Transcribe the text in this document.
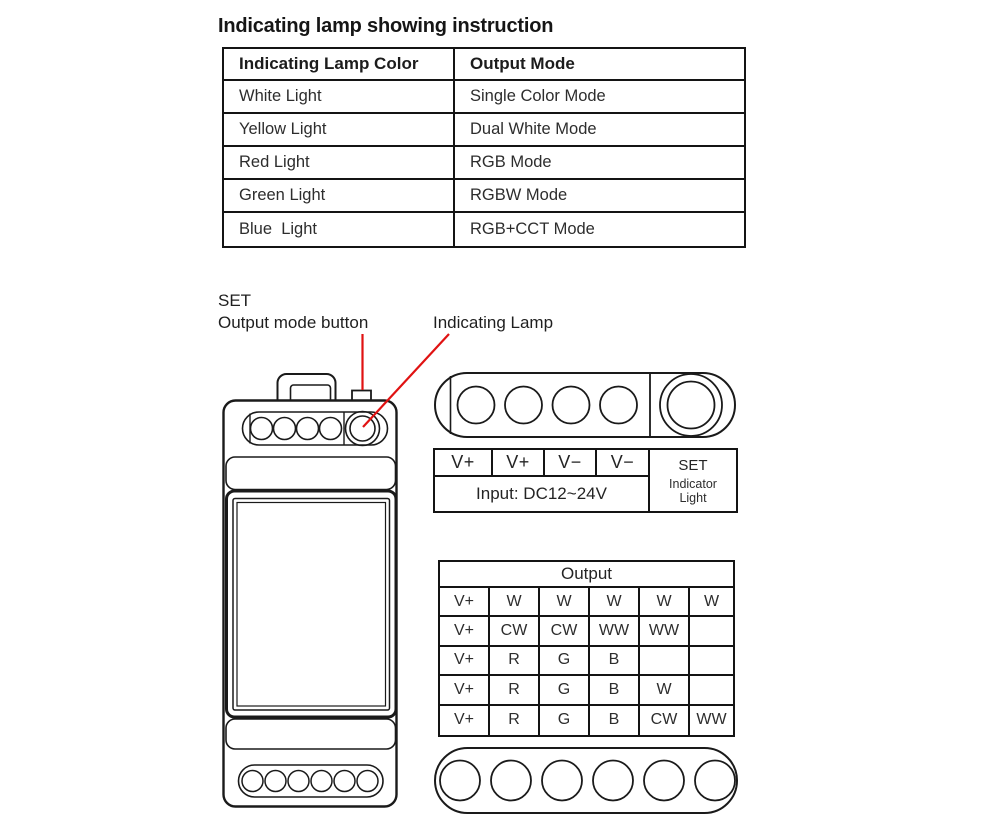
Indicating lamp showing instruction
Indicating Lamp Color	Output Mode
White Light	Single Color Mode
Yellow Light	Dual White Mode
Red Light	RGB Mode
Green Light	RGBW Mode
Blue  Light	RGB+CCT Mode
SET
Output mode button	Indicating Lamp
V+	V+	V−	V−	SET
Indicator
Light
Input: DC12~24V
Output
V+	W	W	W	W	W
V+	CW	CW	WW	WW
V+	R	G	B
V+	R	G	B	W
V+	R	G	B	CW	WW
